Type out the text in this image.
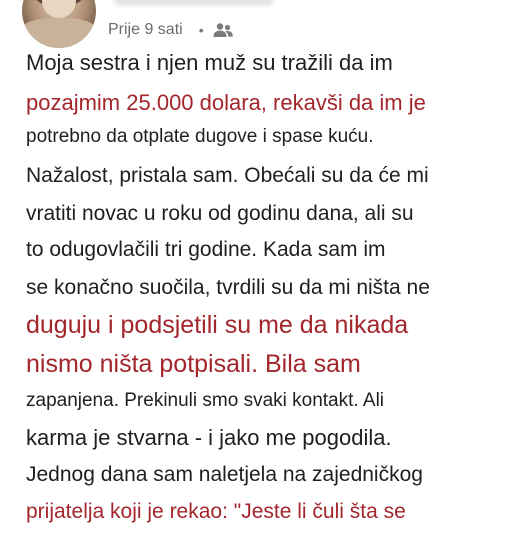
Prije 9 sati •
Moja sestra i njen muž su tražili da im
pozajmim 25.000 dolara, rekavši da im je
potrebno da otplate dugove i spase kuću.
Nažalost, pristala sam. Obećali su da će mi
vratiti novac u roku od godinu dana, ali su
to odugovlačili tri godine. Kada sam im
se konačno suočila, tvrdili su da mi ništa ne
duguju i podsjetili su me da nikada
nismo ništa potpisali. Bila sam
zapanjena. Prekinuli smo svaki kontakt. Ali
karma je stvarna - i jako me pogodila.
Jednog dana sam naletjela na zajedničkog
prijatelja koji je rekao: "Jeste li čuli šta se
